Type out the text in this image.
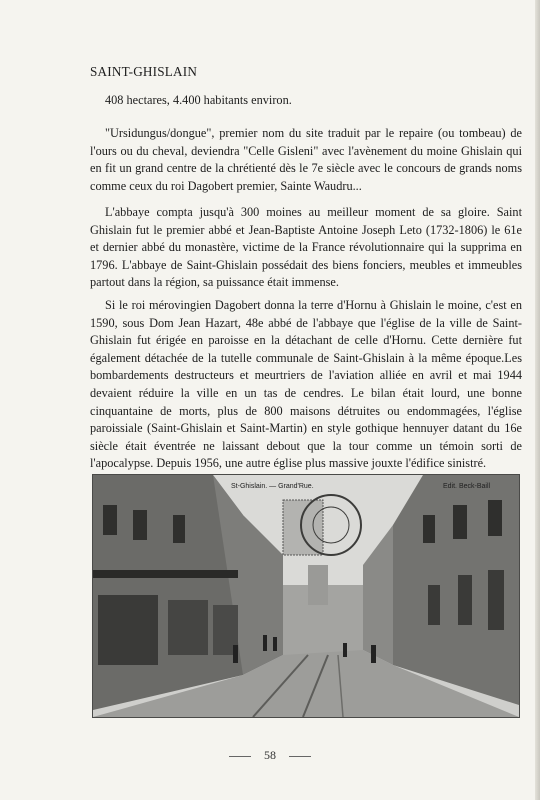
SAINT-GHISLAIN

408 hectares, 4.400 habitants environ.

"Ursidungus/dongue", premier nom du site traduit par le repaire (ou tombeau) de l'ours ou du cheval, deviendra "Celle Gisleni" avec l'avènement du moine Ghislain qui en fit un grand centre de la chrétienté dès le 7e siècle avec le concours de grands noms comme ceux du roi Dagobert premier, Sainte Waudru...

L'abbaye compta jusqu'à 300 moines au meilleur moment de sa gloire. Saint Ghislain fut le premier abbé et Jean-Baptiste Antoine Joseph Leto (1732-1806) le 61e et dernier abbé du monastère, victime de la France révolutionnaire qui la supprima en 1796. L'abbaye de Saint-Ghislain possédait des biens fonciers, meubles et immeubles partout dans la région, sa puissance était immense.

Si le roi mérovingien Dagobert donna la terre d'Hornu à Ghislain le moine, c'est en 1590, sous Dom Jean Hazart, 48e abbé de l'abbaye que l'église de la ville de Saint-Ghislain fut érigée en paroisse en la détachant de celle d'Hornu. Cette dernière fut également détachée de la tutelle communale de Saint-Ghislain à la même époque.Les bombardements destructeurs et meurtriers de l'aviation alliée en avril et mai 1944 devaient réduire la ville en un tas de cendres. Le bilan était lourd, une bonne cinquantaine de morts, plus de 800 maisons détruites ou endommagées, l'église paroissiale (Saint-Ghislain et Saint-Martin) en style gothique hennuyer datant du 16e siècle était éventrée ne laissant debout que la tour comme un témoin sorti de l'apocalypse. Depuis 1956, une autre église plus massive jouxte l'édifice sinistré.

St-Ghislain. — Grand'Rue.	Edit. Beck-Baill
58
